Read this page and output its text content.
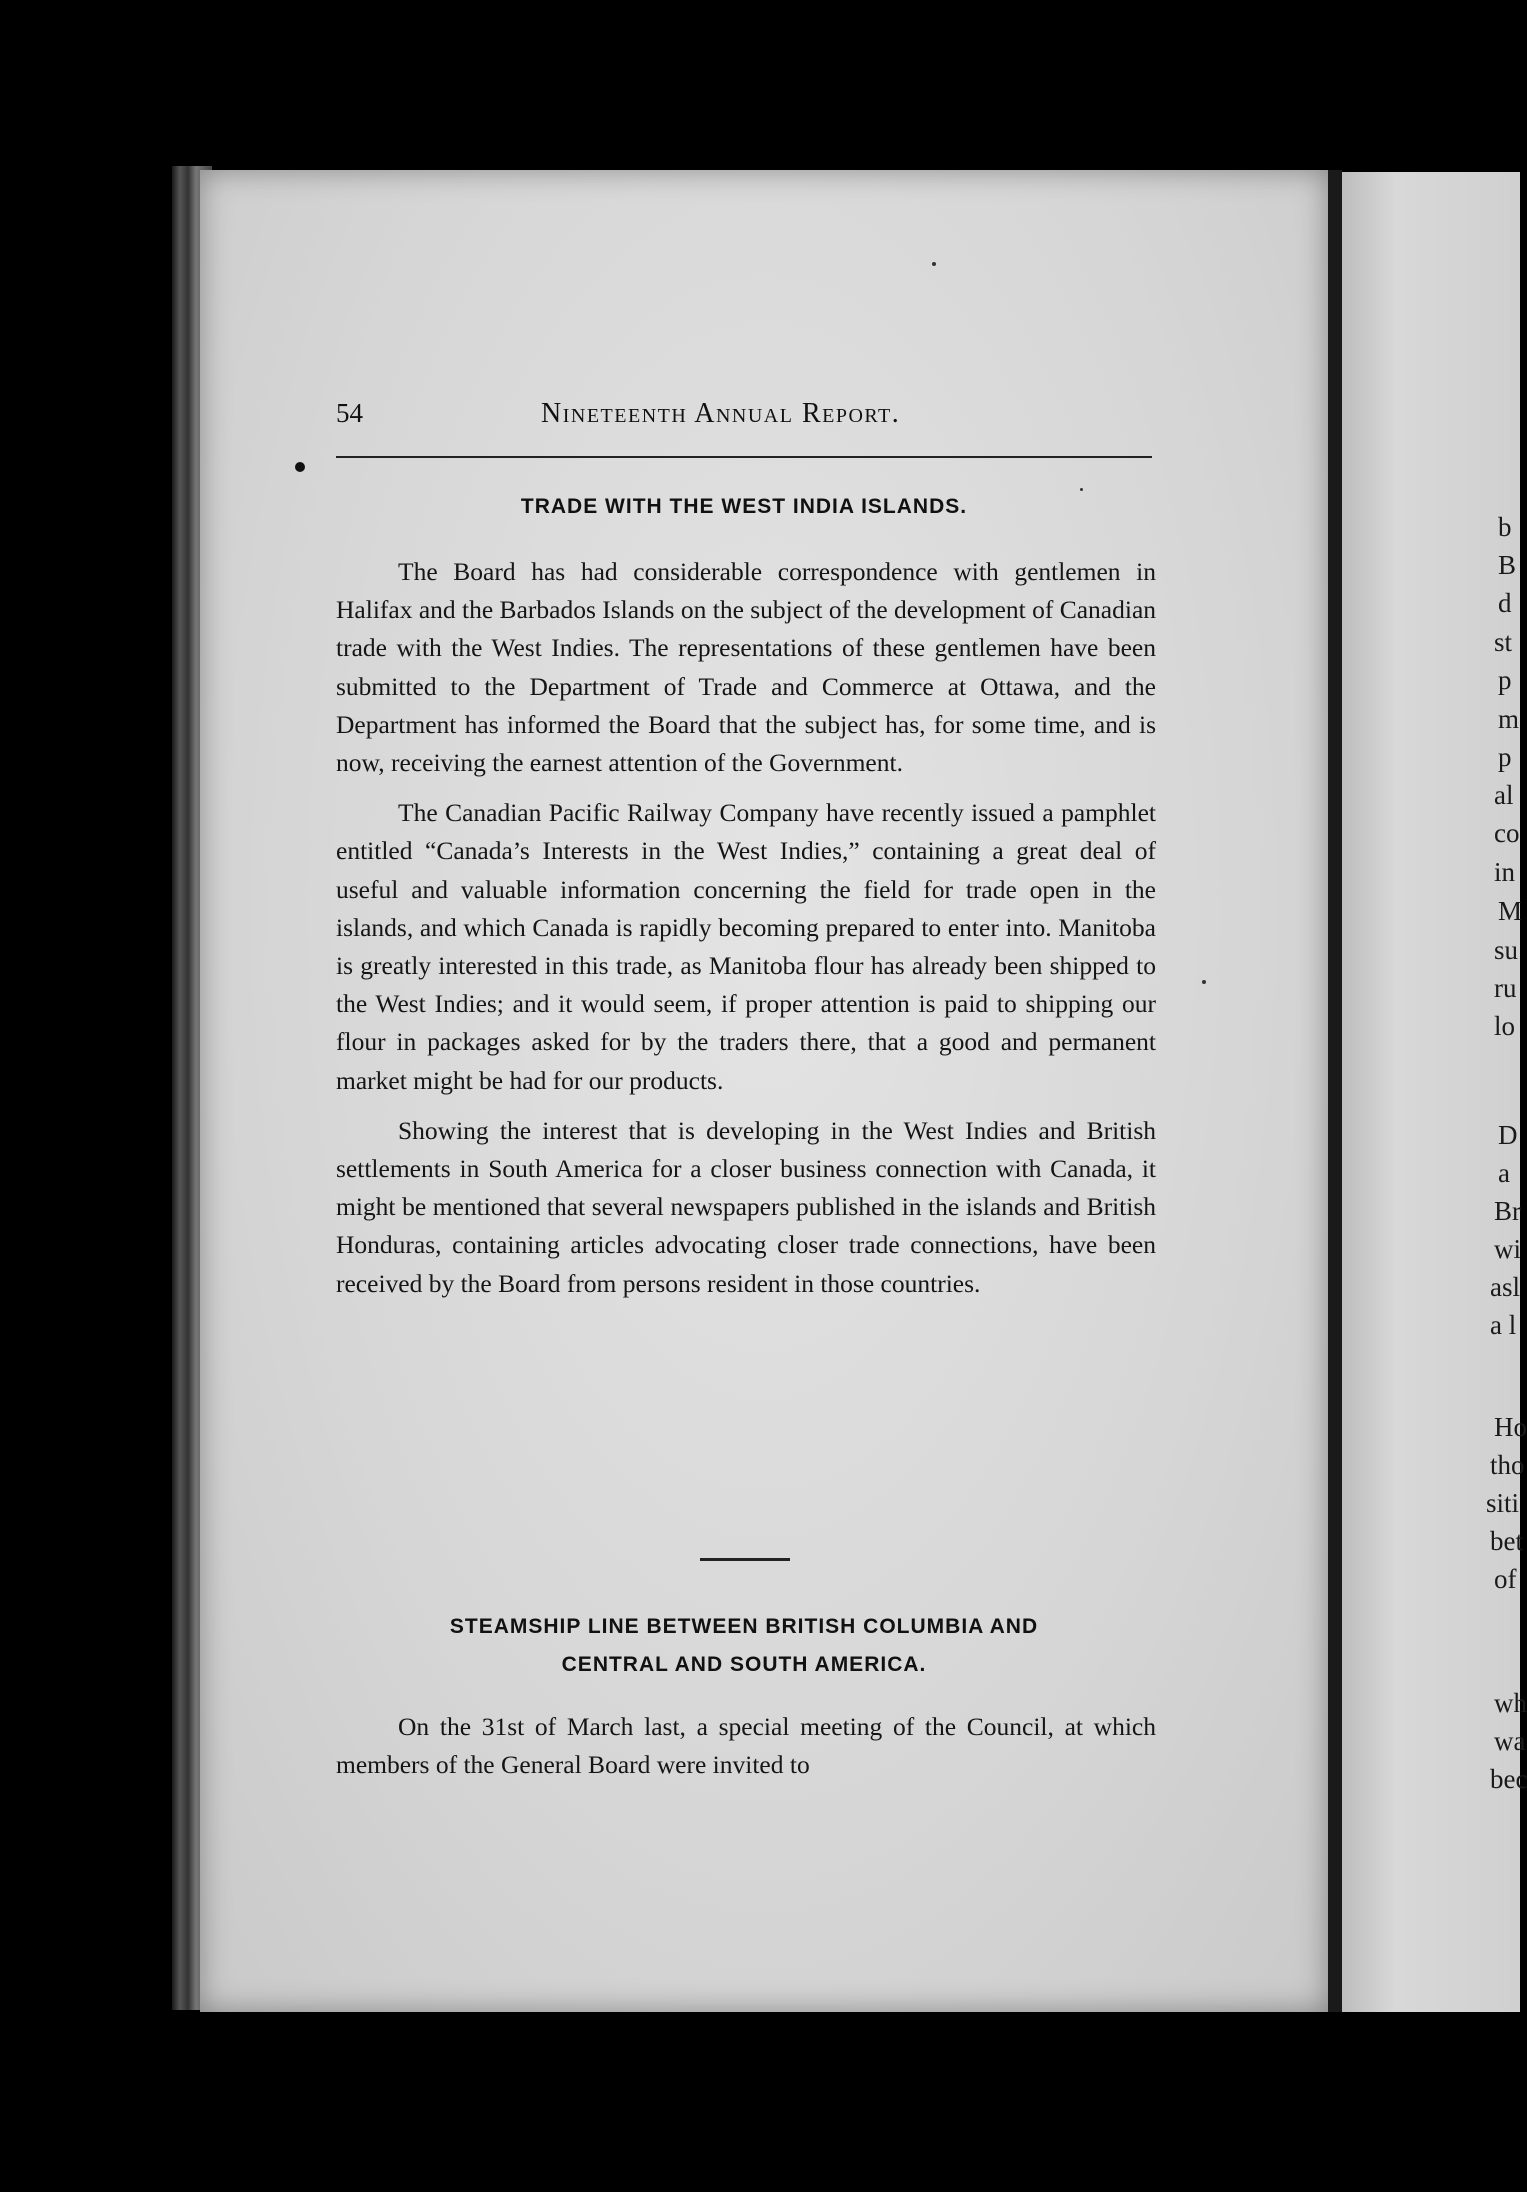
54	Nineteenth Annual Report.
TRADE WITH THE WEST INDIA ISLANDS.

The Board has had considerable correspondence with gentlemen in Halifax and the Barbados Islands on the subject of the development of Canadian trade with the West Indies. The representations of these gentlemen have been submitted to the Department of Trade and Commerce at Ottawa, and the Department has informed the Board that the subject has, for some time, and is now, receiving the earnest attention of the Government.

The Canadian Pacific Railway Company have recently issued a pamphlet entitled “Canada’s Interests in the West Indies,” containing a great deal of useful and valuable information concerning the field for trade open in the islands, and which Canada is rapidly becoming prepared to enter into. Manitoba is greatly interested in this trade, as Manitoba flour has already been shipped to the West Indies; and it would seem, if proper attention is paid to shipping our flour in packages asked for by the traders there, that a good and permanent market might be had for our products.

Showing the interest that is developing in the West Indies and British settlements in South America for a closer business connection with Canada, it might be mentioned that several newspapers published in the islands and British Honduras, containing articles advocating closer trade connections, have been received by the Board from persons resident in those countries.

STEAMSHIP LINE BETWEEN BRITISH COLUMBIA AND
CENTRAL AND SOUTH AMERICA.

On the 31st of March last, a special meeting of the Council, at which members of the General Board were invited to

b
B
d
st
p
m
p
al
co
in
M
su
ru
lo
D
a
Br
wi
asl
a l
Ho
tho
siti
bet
of
wh
wa
bec
